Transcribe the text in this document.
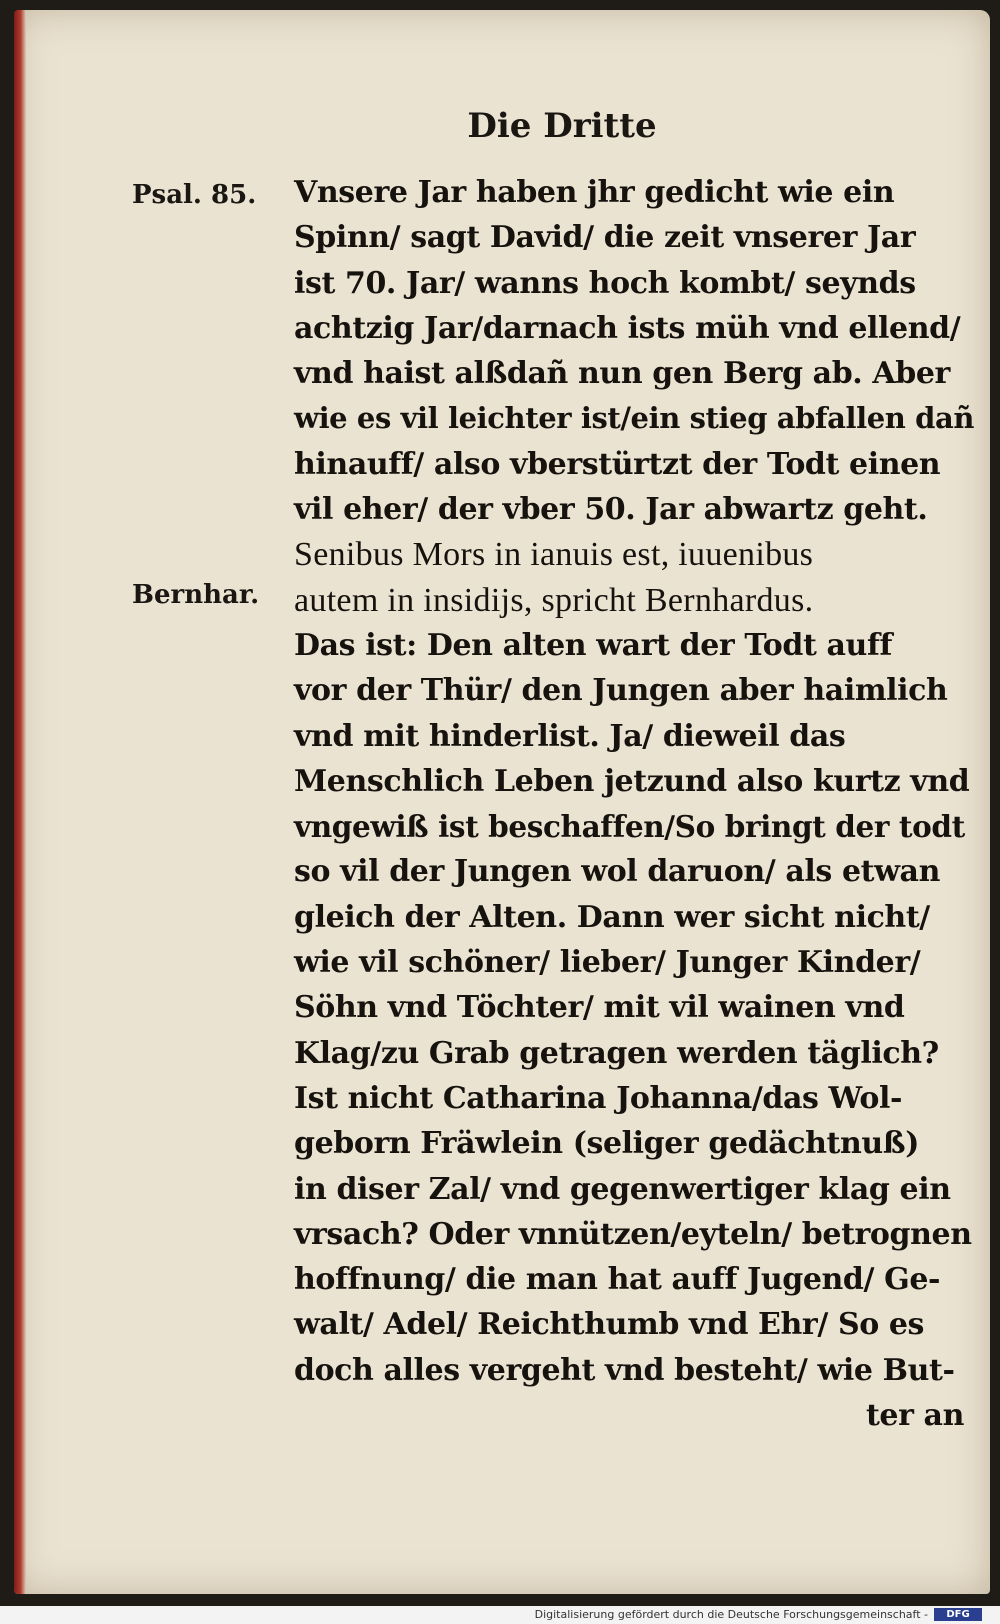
Die Dritte
Psal. 85.
Bernhar.
Vnsere Jar haben jhr gedicht wie ein
Spinn/ sagt David/ die zeit vnserer Jar
ist 70. Jar/ wanns hoch kombt/ seynds
achtzig Jar/darnach ists müh vnd ellend/
vnd haist alßdañ nun gen Berg ab. Aber
wie es vil leichter ist/ein stieg abfallen dañ
hinauff/ also vberstürtzt der Todt einen
vil eher/ der vber 50. Jar abwartz geht.
Senibus Mors in ianuis est, iuuenibus
autem in insidijs, spricht Bernhardus.
Das ist: Den alten wart der Todt auff
vor der Thür/ den Jungen aber haimlich
vnd mit hinderlist. Ja/ dieweil das
Menschlich Leben jetzund also kurtz vnd
vngewiß ist beschaffen/So bringt der todt
so vil der Jungen wol daruon/ als etwan
gleich der Alten. Dann wer sicht nicht/
wie vil schöner/ lieber/ Junger Kinder/
Söhn vnd Töchter/ mit vil wainen vnd
Klag/zu Grab getragen werden täglich?
Ist nicht Catharina Johanna/das Wol-
geborn Fräwlein (seliger gedächtnuß)
in diser Zal/ vnd gegenwertiger klag ein
vrsach? Oder vnnützen/eyteln/ betrognen
hoffnung/ die man hat auff Jugend/ Ge-
walt/ Adel/ Reichthumb vnd Ehr/ So es
doch alles vergeht vnd besteht/ wie But-
ter an
Digitalisierung gefördert durch die Deutsche Forschungsgemeinschaft -	DFG
